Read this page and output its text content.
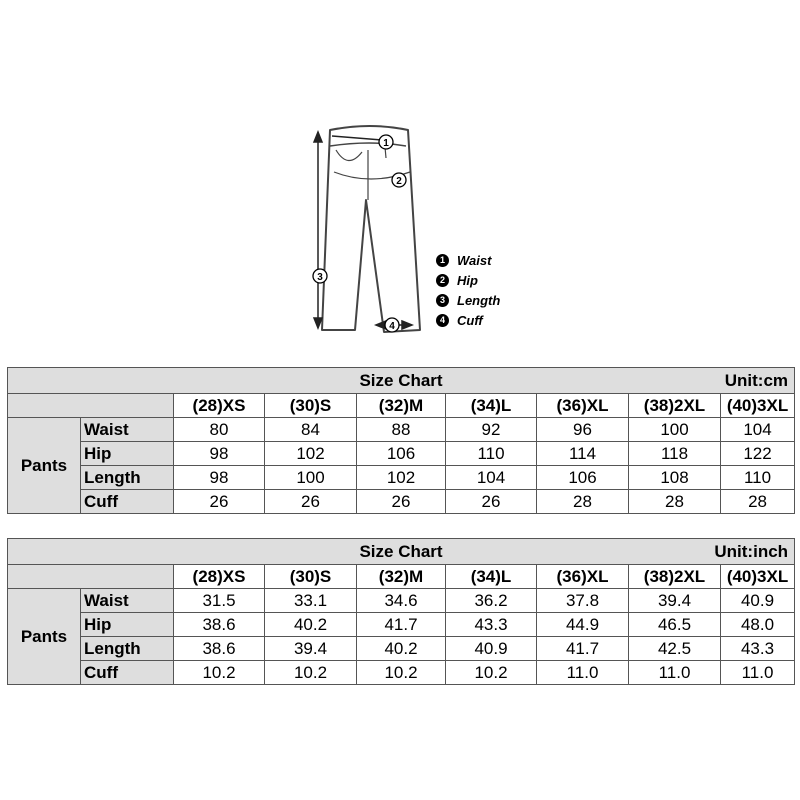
1
2
3
4
1 Waist
2 Hip
3 Length
4 Cuff
Size Chart Unit:cm								

		(28)XS	(30)S	(32)M	(34)L	(36)XL	(38)2XL	(40)3XL
Pants	Waist	80	84	88	92	96	100	104
	Hip	98	102	106	110	114	118	122
	Length	98	100	102	104	106	108	110
	Cuff	26	26	26	26	28	28	28
Size Chart Unit:inch								

		(28)XS	(30)S	(32)M	(34)L	(36)XL	(38)2XL	(40)3XL
Pants	Waist	31.5	33.1	34.6	36.2	37.8	39.4	40.9
	Hip	38.6	40.2	41.7	43.3	44.9	46.5	48.0
	Length	38.6	39.4	40.2	40.9	41.7	42.5	43.3
	Cuff	10.2	10.2	10.2	10.2	11.0	11.0	11.0
